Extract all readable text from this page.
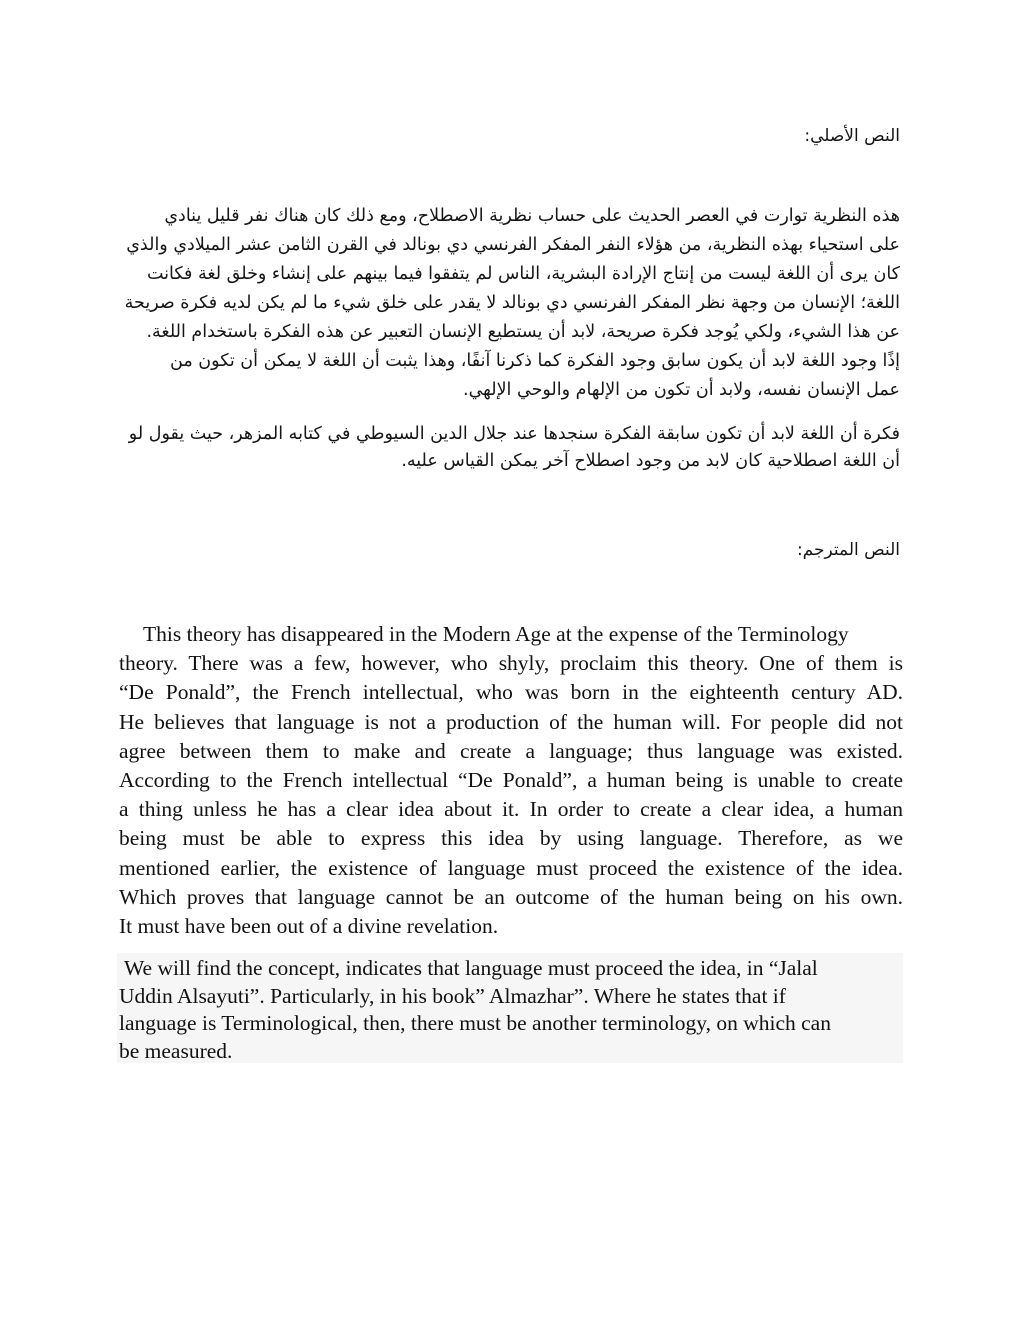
النص الأصلي:
هذه النظرية توارت في العصر الحديث على حساب نظرية الاصطلاح، ومع ذلك كان هناك نفر قليل ينادي
على استحياء بهذه النظرية، من هؤلاء النفر المفكر الفرنسي دي بونالد في القرن الثامن عشر الميلادي والذي
كان يرى أن اللغة ليست من إنتاج الإرادة البشرية، الناس لم يتفقوا فيما بينهم على إنشاء وخلق لغة فكانت
اللغة؛ الإنسان من وجهة نظر المفكر الفرنسي دي بونالد لا يقدر على خلق شيء ما لم يكن لديه فكرة صريحة
عن هذا الشيء، ولكي يُوجد فكرة صريحة، لابد أن يستطيع الإنسان التعبير عن هذه الفكرة باستخدام اللغة.
إذًا وجود اللغة لابد أن يكون سابق وجود الفكرة كما ذكرنا آنفًا، وهذا يثبت أن اللغة لا يمكن أن تكون من
عمل الإنسان نفسه، ولابد أن تكون من الإلهام والوحي الإلهي.
فكرة أن اللغة لابد أن تكون سابقة الفكرة سنجدها عند جلال الدين السيوطي في كتابه المزهر، حيث يقول لو
أن اللغة اصطلاحية كان لابد من وجود اصطلاح آخر يمكن القياس عليه.
النص المترجم:
This theory has disappeared in the Modern Age at the expense of the Terminology
theory. There was a few, however, who shyly, proclaim this theory. One of them is
“De Ponald”, the French intellectual, who was born in the eighteenth century AD.
He believes that language is not a production of the human will. For people did not
agree between them to make and create a language; thus language was existed.
According to the French intellectual “De Ponald”, a human being is unable to create
a thing unless he has a clear idea about it. In order to create a clear idea, a human
being must be able to express this idea by using language. Therefore, as we
mentioned earlier, the existence of language must proceed the existence of the idea.
Which proves that language cannot be an outcome of the human being on his own.
It must have been out of a divine revelation.
We will find the concept, indicates that language must proceed the idea, in “Jalal
Uddin Alsayuti”. Particularly, in his book” Almazhar”. Where he states that if
language is Terminological, then, there must be another terminology, on which can
be measured.
